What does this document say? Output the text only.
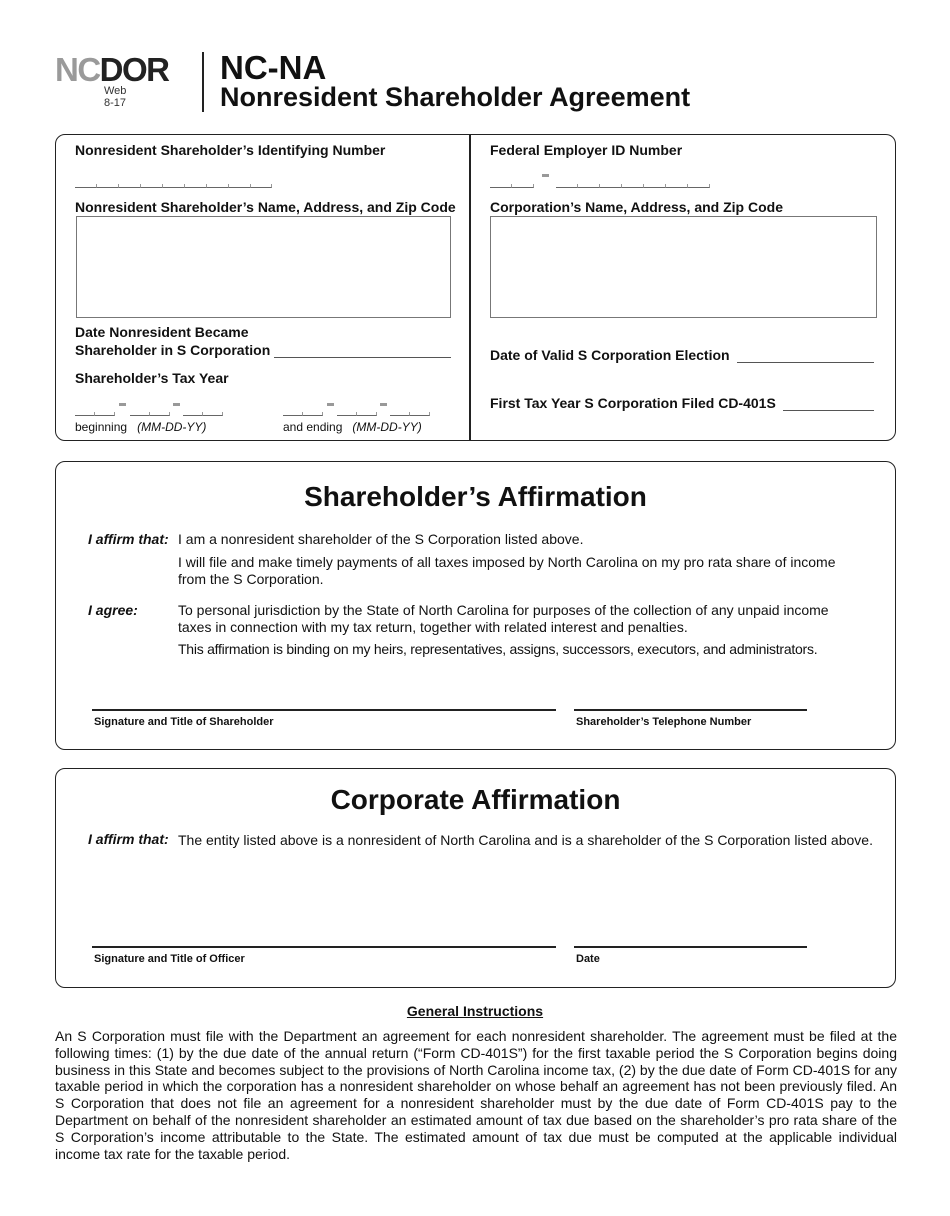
NCDOR
Web
8-17
NC-NA
Nonresident Shareholder Agreement
Nonresident Shareholder’s Identifying Number
Nonresident Shareholder’s Name, Address, and Zip Code
Date Nonresident Became
Shareholder in S Corporation
Shareholder’s Tax Year
beginning (MM-DD-YY)	and ending (MM-DD-YY)
Federal Employer ID Number
Corporation’s Name, Address, and Zip Code
Date of Valid S Corporation Election
First Tax Year S Corporation Filed CD-401S
Shareholder’s Affirmation
I affirm that: I am a nonresident shareholder of the S Corporation listed above.
I will file and make timely payments of all taxes imposed by North Carolina on my pro rata share of income from the S Corporation.
I agree:	To personal jurisdiction by the State of North Carolina for purposes of the collection of any unpaid income taxes in connection with my tax return, together with related interest and penalties.
This affirmation is binding on my heirs, representatives, assigns, successors, executors, and administrators.
Signature and Title of Shareholder	Shareholder’s Telephone Number
Corporate Affirmation
I affirm that: The entity listed above is a nonresident of North Carolina and is a shareholder of the S Corporation listed above.
Signature and Title of Officer	Date
General Instructions
An S Corporation must file with the Department an agreement for each nonresident shareholder. The agreement must be filed at the following times: (1) by the due date of the annual return (“Form CD-401S”) for the first taxable period the S Corporation begins doing business in this State and becomes subject to the provisions of North Carolina income tax, (2) by the due date of Form CD-401S for any taxable period in which the corporation has a nonresident shareholder on whose behalf an agreement has not been previously filed. An S Corporation that does not file an agreement for a nonresident shareholder must by the due date of Form CD-401S pay to the Department on behalf of the nonresident shareholder an estimated amount of tax due based on the shareholder’s pro rata share of the S Corporation’s income attributable to the State. The estimated amount of tax due must be computed at the applicable individual income tax rate for the taxable period.
